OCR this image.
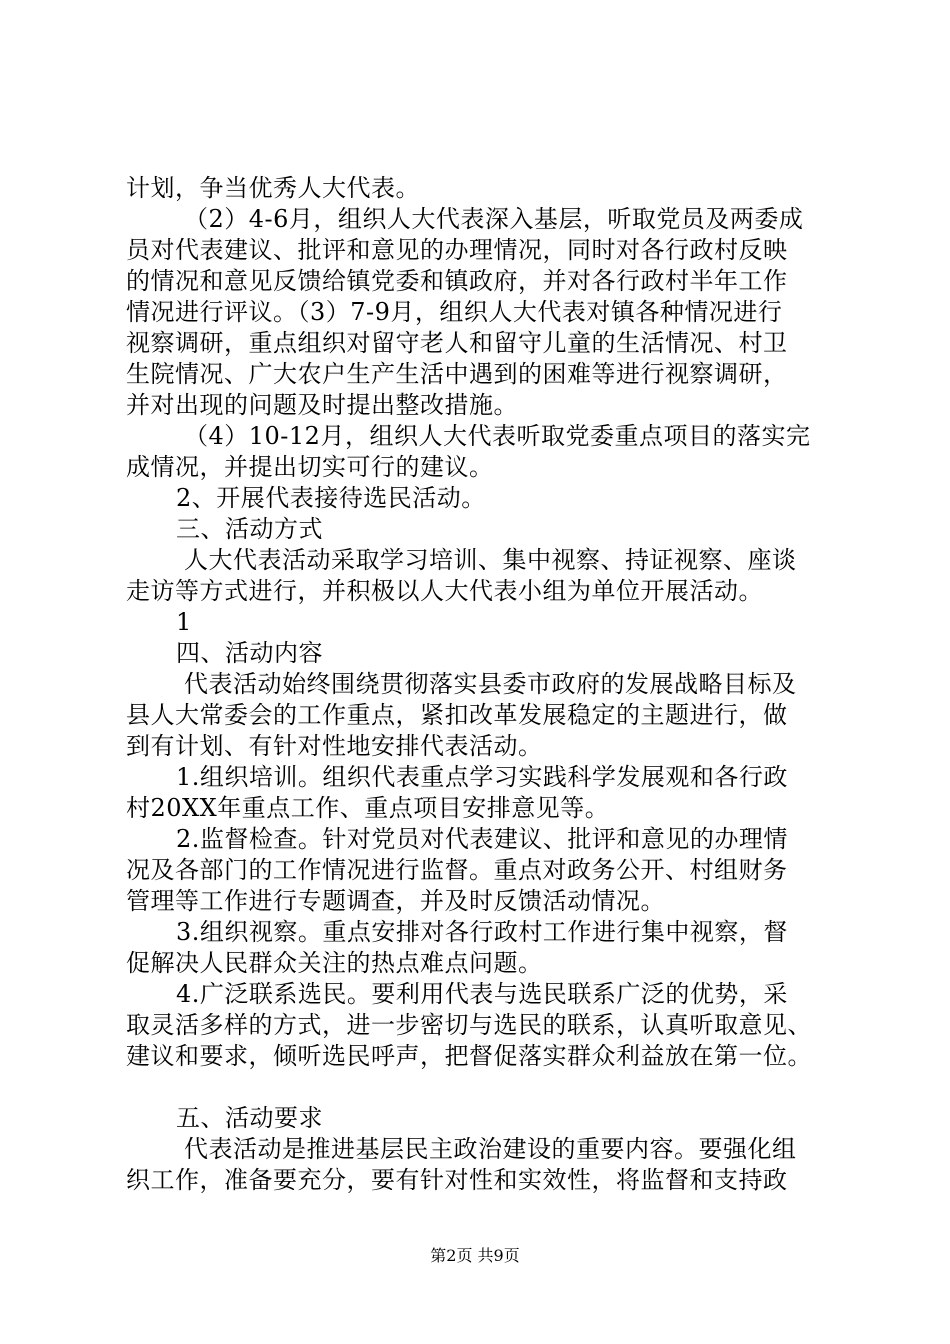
计划，争当优秀人大代表。
（2）4-6月，组织人大代表深入基层，听取党员及两委成
员对代表建议、批评和意见的办理情况，同时对各行政村反映
的情况和意见反馈给镇党委和镇政府，并对各行政村半年工作
情况进行评议。（3）7-9月，组织人大代表对镇各种情况进行
视察调研，重点组织对留守老人和留守儿童的生活情况、村卫
生院情况、广大农户生产生活中遇到的困难等进行视察调研，
并对出现的问题及时提出整改措施。
（4）10-12月，组织人大代表听取党委重点项目的落实完
成情况，并提出切实可行的建议。
2、开展代表接待选民活动。
三、活动方式
人大代表活动采取学习培训、集中视察、持证视察、座谈
走访等方式进行，并积极以人大代表小组为单位开展活动。
1
四、活动内容
代表活动始终围绕贯彻落实县委市政府的发展战略目标及
县人大常委会的工作重点，紧扣改革发展稳定的主题进行，做
到有计划、有针对性地安排代表活动。
1.组织培训。组织代表重点学习实践科学发展观和各行政
村20XX年重点工作、重点项目安排意见等。
2.监督检查。针对党员对代表建议、批评和意见的办理情
况及各部门的工作情况进行监督。重点对政务公开、村组财务
管理等工作进行专题调查，并及时反馈活动情况。
3.组织视察。重点安排对各行政村工作进行集中视察，督
促解决人民群众关注的热点难点问题。
4.广泛联系选民。要利用代表与选民联系广泛的优势，采
取灵活多样的方式，进一步密切与选民的联系，认真听取意见、
建议和要求，倾听选民呼声，把督促落实群众利益放在第一位。
五、活动要求
代表活动是推进基层民主政治建设的重要内容。要强化组
织工作，准备要充分，要有针对性和实效性，将监督和支持政
第2页 共9页
